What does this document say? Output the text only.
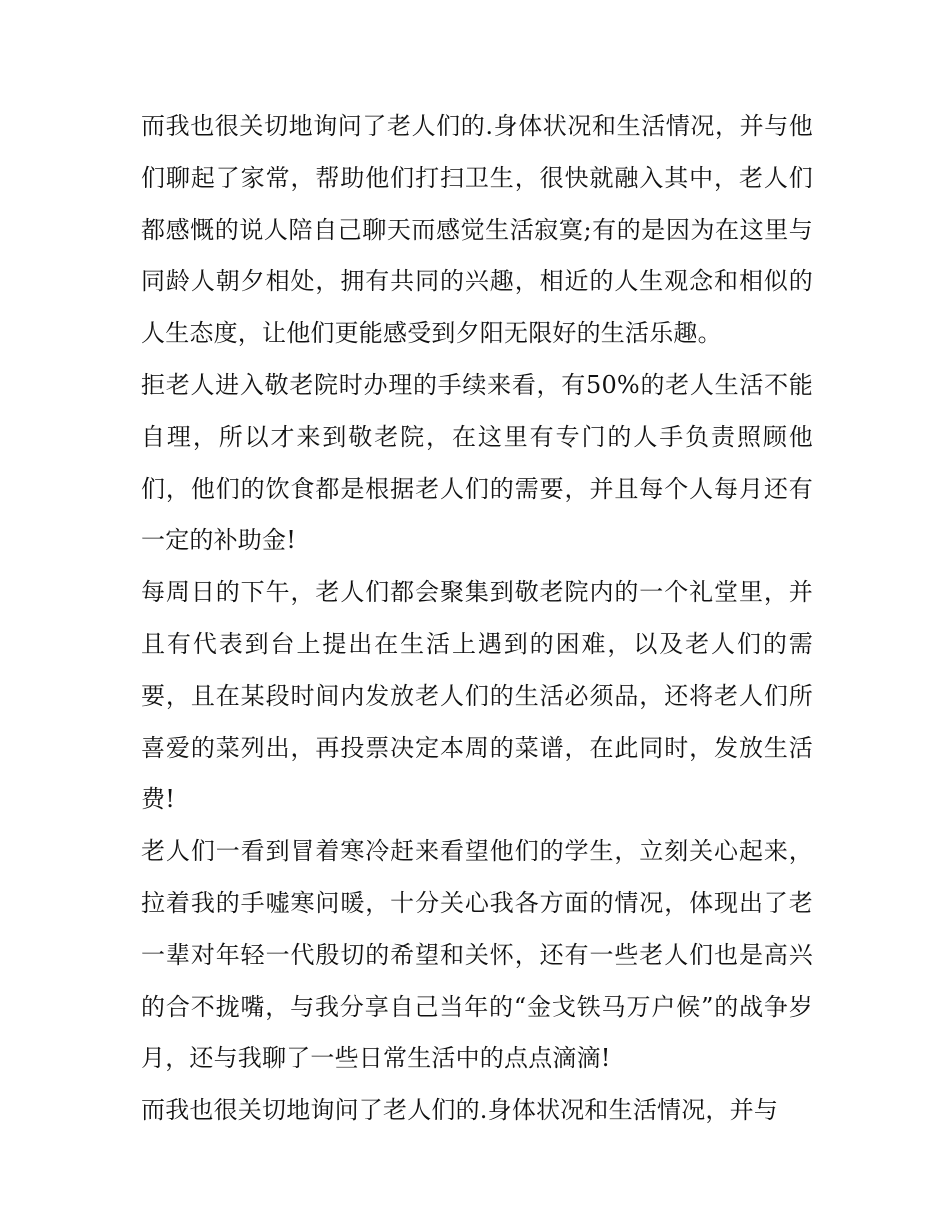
而我也很关切地询问了老人们的.身体状况和生活情况，并与他们聊起了家常，帮助他们打扫卫生，很快就融入其中，老人们都感慨的说人陪自己聊天而感觉生活寂寞;有的是因为在这里与同龄人朝夕相处，拥有共同的兴趣，相近的人生观念和相似的人生态度，让他们更能感受到夕阳无限好的生活乐趣。

拒老人进入敬老院时办理的手续来看，有50%的老人生活不能自理，所以才来到敬老院，在这里有专门的人手负责照顾他们，他们的饮食都是根据老人们的需要，并且每个人每月还有一定的补助金!

每周日的下午，老人们都会聚集到敬老院内的一个礼堂里，并且有代表到台上提出在生活上遇到的困难，以及老人们的需要，且在某段时间内发放老人们的生活必须品，还将老人们所喜爱的菜列出，再投票决定本周的菜谱，在此同时，发放生活费!

老人们一看到冒着寒冷赶来看望他们的学生，立刻关心起来，拉着我的手嘘寒问暖，十分关心我各方面的情况，体现出了老一辈对年轻一代殷切的希望和关怀，还有一些老人们也是高兴的合不拢嘴，与我分享自己当年的“金戈铁马万户候”的战争岁月，还与我聊了一些日常生活中的点点滴滴!

而我也很关切地询问了老人们的.身体状况和生活情况，并与
